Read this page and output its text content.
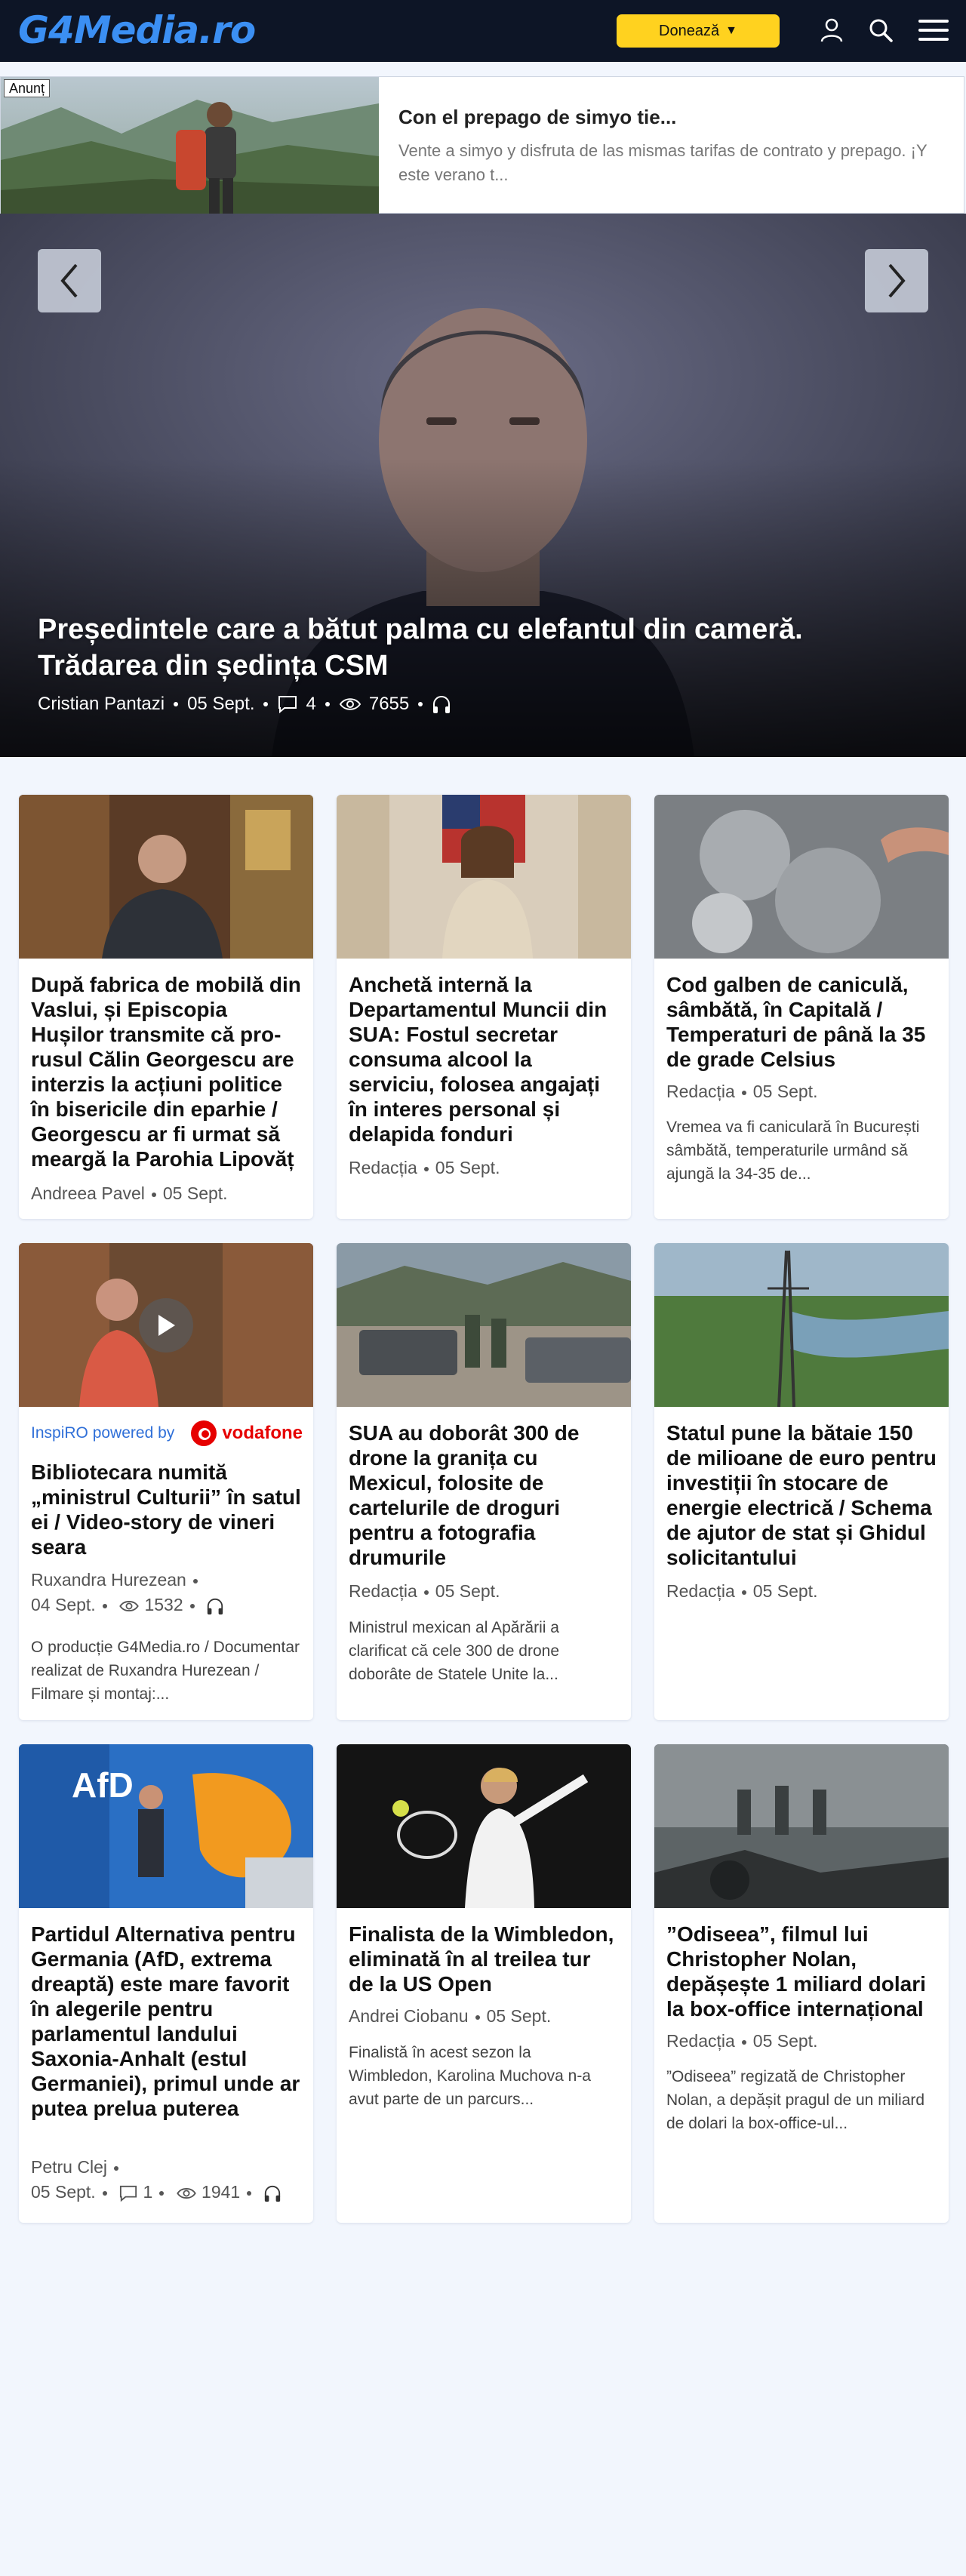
G4Media.ro	Donează ▼
Anunț
Con el prepago de simyo tie...
Vente a simyo y disfruta de las mismas tarifas de contrato y prepago. ¡Y este verano t...
Președintele care a bătut palma cu elefantul din cameră. Trădarea din ședința CSM
Cristian Pantazi 05 Sept.	4	7655
După fabrica de mobilă din Vaslui, și Episcopia Hușilor transmite că pro-rusul Călin Georgescu are interzis la acțiuni politice în bisericile din eparhie / Georgescu ar fi urmat să meargă la Parohia Lipovăț
Andreea Pavel 05 Sept.
Anchetă internă la Departamentul Muncii din SUA: Fostul secretar consuma alcool la serviciu, folosea angajați în interes personal și delapida fonduri
Redacția 05 Sept.
Cod galben de caniculă, sâmbătă, în Capitală / Temperaturi de până la 35 de grade Celsius
Redacția 05 Sept.
Vremea va fi caniculară în București sâmbătă, temperaturile urmând să ajungă la 34-35 de...
InspiRO powered by	vodafone
Bibliotecara numită „ministrul Culturii” în satul ei / Video-story de vineri seara
Ruxandra Hurezean
04 Sept.	1532
O producție G4Media.ro / Documentar realizat de Ruxandra Hurezean / Filmare și montaj:...
SUA au doborât 300 de drone la granița cu Mexicul, folosite de cartelurile de droguri pentru a fotografia drumurile
Redacția 05 Sept.
Ministrul mexican al Apărării a clarificat că cele 300 de drone doborâte de Statele Unite la...
Statul pune la bătaie 150 de milioane de euro pentru investiții în stocare de energie electrică / Schema de ajutor de stat și Ghidul solicitantului
Redacția 05 Sept.
AfD
Partidul Alternativa pentru Germania (AfD, extrema dreaptă) este mare favorit în alegerile pentru parlamentul landului Saxonia-Anhalt (estul Germaniei), primul unde ar putea prelua puterea
Petru Clej
05 Sept.	1	1941
Finalista de la Wimbledon, eliminată în al treilea tur de la US Open
Andrei Ciobanu 05 Sept.
Finalistă în acest sezon la Wimbledon, Karolina Muchova n-a avut parte de un parcurs...
”Odiseea”, filmul lui Christopher Nolan, depășește 1 miliard dolari la box-office internațional
Redacția 05 Sept.
”Odiseea” regizată de Christopher Nolan, a depășit pragul de un miliard de dolari la box-office-ul...
